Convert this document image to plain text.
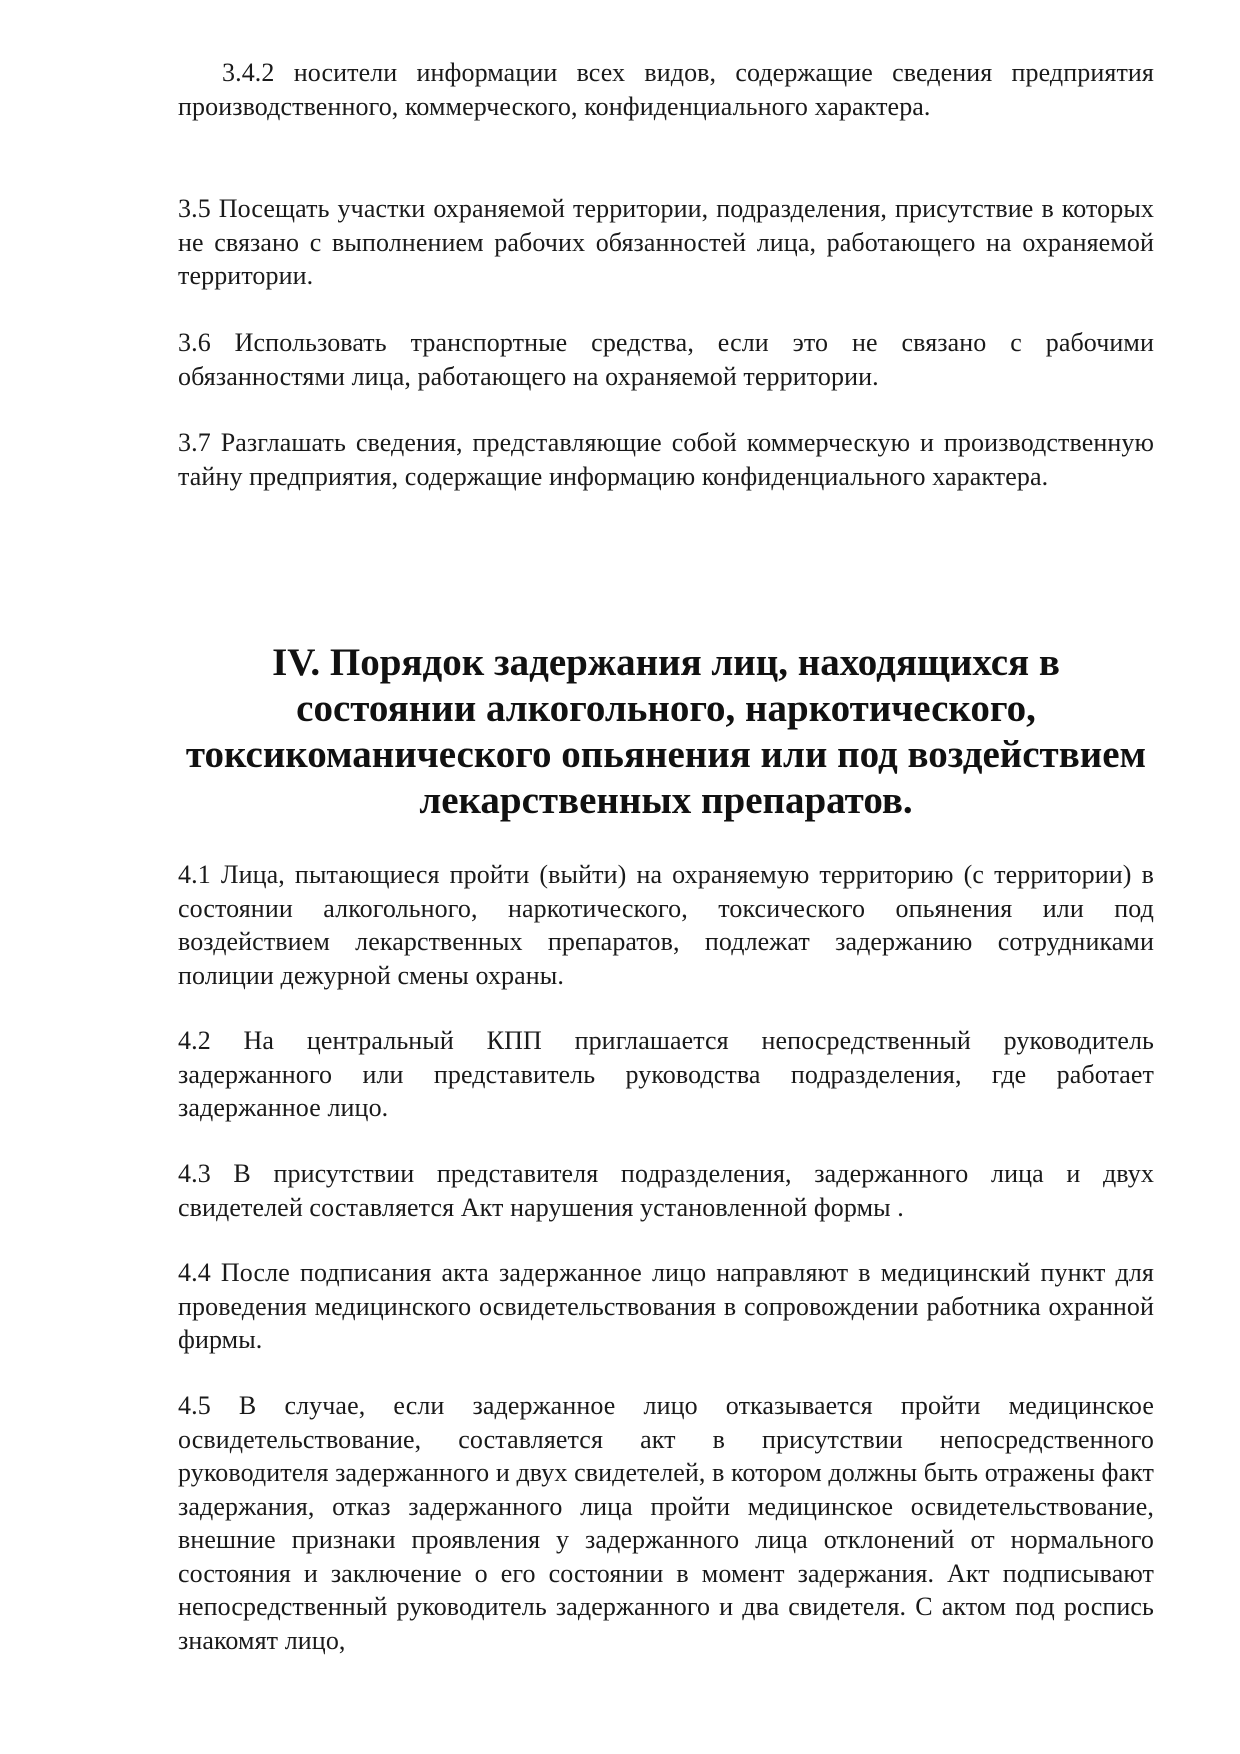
3.4.2 носители информации всех видов, содержащие сведения предприятия производственного, коммерческого, конфиденциального характера.

3.5 Посещать участки охраняемой территории, подразделения, присутствие в которых не связано с выполнением рабочих обязанностей лица, работающего на охраняемой территории.

3.6 Использовать транспортные средства, если это не связано с рабочими обязанностями лица, работающего на охраняемой территории.

3.7 Разглашать сведения, представляющие собой коммерческую и производственную тайну предприятия, содержащие информацию конфиденциального характера.

IV. Порядок задержания лиц, находящихся в состоянии алкогольного, наркотического, токсикоманического опьянения или под воздействием лекарственных препаратов.

4.1 Лица, пытающиеся пройти (выйти) на охраняемую территорию (с территории) в состоянии алкогольного, наркотического, токсического опьянения или под воздействием лекарственных препаратов, подлежат задержанию сотрудниками полиции дежурной смены охраны.

4.2 На центральный КПП приглашается непосредственный руководитель задержанного или представитель руководства подразделения, где работает задержанное лицо.

4.3 В присутствии представителя подразделения, задержанного лица и двух свидетелей составляется Акт нарушения установленной формы .

4.4 После подписания акта задержанное лицо направляют в медицинский пункт для проведения медицинского освидетельствования в сопровождении работника охранной фирмы.

4.5 В случае, если задержанное лицо отказывается пройти медицинское освидетельствование, составляется акт в присутствии непосредственного руководителя задержанного и двух свидетелей, в котором должны быть отражены факт задержания, отказ задержанного лица пройти медицинское освидетельствование, внешние признаки проявления у задержанного лица отклонений от нормального состояния и заключение о его состоянии в момент задержания. Акт подписывают непосредственный руководитель задержанного и два свидетеля. С актом под роспись знакомят лицо,
